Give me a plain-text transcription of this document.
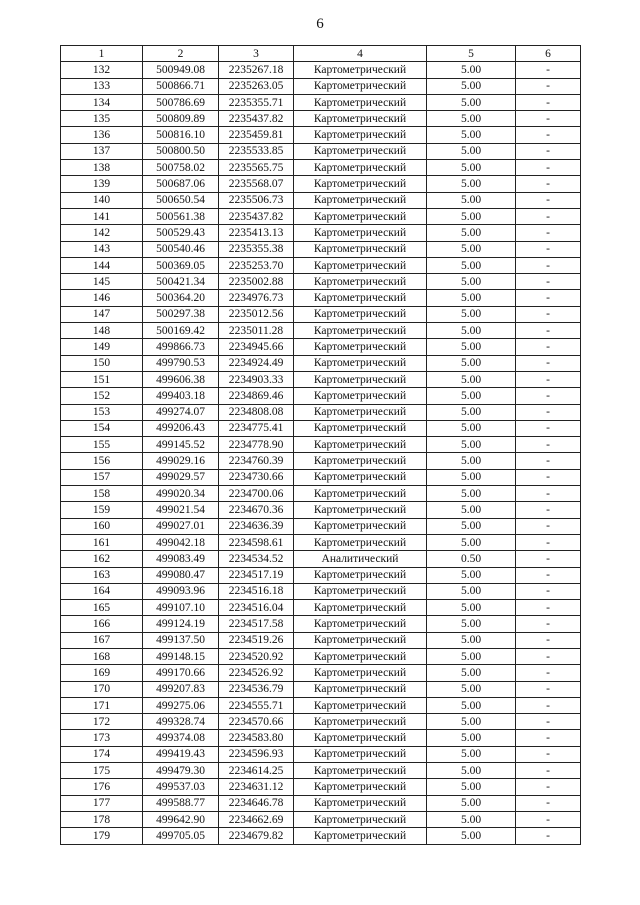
6
1	2	3	4	5	6
132	500949.08	2235267.18	Картометрический	5.00	-
133	500866.71	2235263.05	Картометрический	5.00	-
134	500786.69	2235355.71	Картометрический	5.00	-
135	500809.89	2235437.82	Картометрический	5.00	-
136	500816.10	2235459.81	Картометрический	5.00	-
137	500800.50	2235533.85	Картометрический	5.00	-
138	500758.02	2235565.75	Картометрический	5.00	-
139	500687.06	2235568.07	Картометрический	5.00	-
140	500650.54	2235506.73	Картометрический	5.00	-
141	500561.38	2235437.82	Картометрический	5.00	-
142	500529.43	2235413.13	Картометрический	5.00	-
143	500540.46	2235355.38	Картометрический	5.00	-
144	500369.05	2235253.70	Картометрический	5.00	-
145	500421.34	2235002.88	Картометрический	5.00	-
146	500364.20	2234976.73	Картометрический	5.00	-
147	500297.38	2235012.56	Картометрический	5.00	-
148	500169.42	2235011.28	Картометрический	5.00	-
149	499866.73	2234945.66	Картометрический	5.00	-
150	499790.53	2234924.49	Картометрический	5.00	-
151	499606.38	2234903.33	Картометрический	5.00	-
152	499403.18	2234869.46	Картометрический	5.00	-
153	499274.07	2234808.08	Картометрический	5.00	-
154	499206.43	2234775.41	Картометрический	5.00	-
155	499145.52	2234778.90	Картометрический	5.00	-
156	499029.16	2234760.39	Картометрический	5.00	-
157	499029.57	2234730.66	Картометрический	5.00	-
158	499020.34	2234700.06	Картометрический	5.00	-
159	499021.54	2234670.36	Картометрический	5.00	-
160	499027.01	2234636.39	Картометрический	5.00	-
161	499042.18	2234598.61	Картометрический	5.00	-
162	499083.49	2234534.52	Аналитический	0.50	-
163	499080.47	2234517.19	Картометрический	5.00	-
164	499093.96	2234516.18	Картометрический	5.00	-
165	499107.10	2234516.04	Картометрический	5.00	-
166	499124.19	2234517.58	Картометрический	5.00	-
167	499137.50	2234519.26	Картометрический	5.00	-
168	499148.15	2234520.92	Картометрический	5.00	-
169	499170.66	2234526.92	Картометрический	5.00	-
170	499207.83	2234536.79	Картометрический	5.00	-
171	499275.06	2234555.71	Картометрический	5.00	-
172	499328.74	2234570.66	Картометрический	5.00	-
173	499374.08	2234583.80	Картометрический	5.00	-
174	499419.43	2234596.93	Картометрический	5.00	-
175	499479.30	2234614.25	Картометрический	5.00	-
176	499537.03	2234631.12	Картометрический	5.00	-
177	499588.77	2234646.78	Картометрический	5.00	-
178	499642.90	2234662.69	Картометрический	5.00	-
179	499705.05	2234679.82	Картометрический	5.00	-
